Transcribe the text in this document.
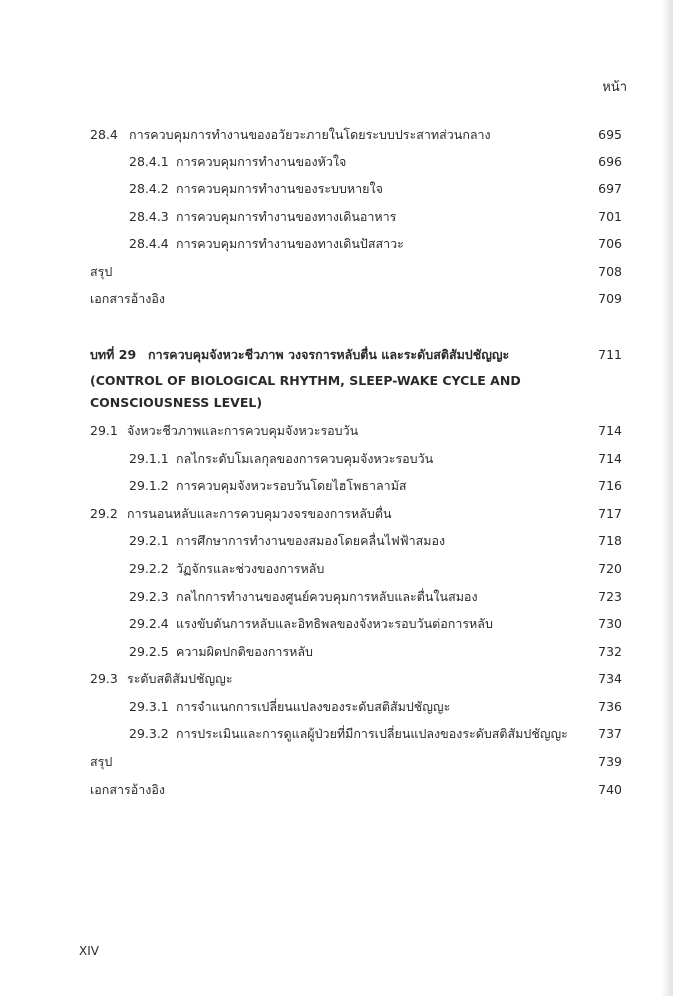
หน้า
28.4 การควบคุมการทำงานของอวัยวะภายในโดยระบบประสาทส่วนกลาง	695
28.4.1 การควบคุมการทำงานของหัวใจ	696
28.4.2 การควบคุมการทำงานของระบบหายใจ	697
28.4.3 การควบคุมการทำงานของทางเดินอาหาร	701
28.4.4 การควบคุมการทำงานของทางเดินปัสสาวะ	706
สรุป	708
เอกสารอ้างอิง	709
บทที่ 29 การควบคุมจังหวะชีวภาพ วงจรการหลับตื่น และระดับสติสัมปชัญญะ	711
(CONTROL OF BIOLOGICAL RHYTHM, SLEEP-WAKE CYCLE AND
CONSCIOUSNESS LEVEL)
29.1 จังหวะชีวภาพและการควบคุมจังหวะรอบวัน	714
29.1.1 กลไกระดับโมเลกุลของการควบคุมจังหวะรอบวัน	714
29.1.2 การควบคุมจังหวะรอบวันโดยไฮโพธาลามัส	716
29.2 การนอนหลับและการควบคุมวงจรของการหลับตื่น	717
29.2.1 การศึกษาการทำงานของสมองโดยคลื่นไฟฟ้าสมอง	718
29.2.2 วัฏจักรและช่วงของการหลับ	720
29.2.3 กลไกการทำงานของศูนย์ควบคุมการหลับและตื่นในสมอง	723
29.2.4 แรงขับดันการหลับและอิทธิพลของจังหวะรอบวันต่อการหลับ	730
29.2.5 ความผิดปกติของการหลับ	732
29.3 ระดับสติสัมปชัญญะ	734
29.3.1 การจำแนกการเปลี่ยนแปลงของระดับสติสัมปชัญญะ	736
29.3.2 การประเมินและการดูแลผู้ป่วยที่มีการเปลี่ยนแปลงของระดับสติสัมปชัญญะ 737
สรุป	739
เอกสารอ้างอิง	740
XIV
